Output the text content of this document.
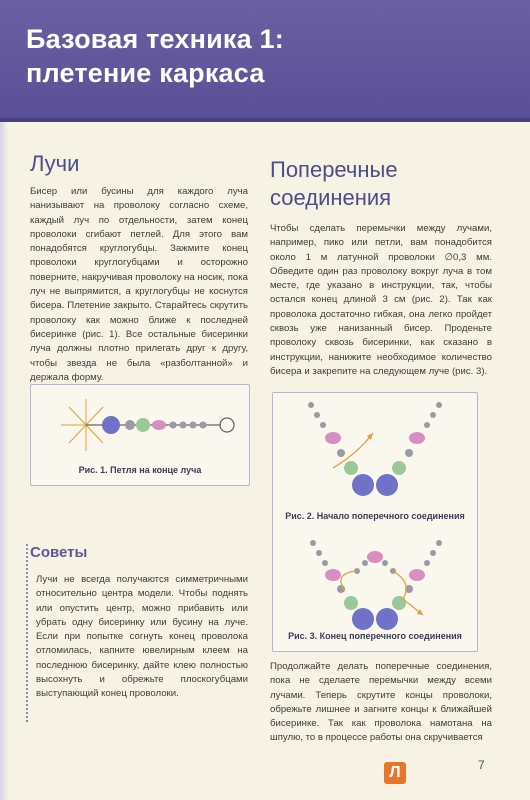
Базовая техника 1:
плетение каркаса
Лучи
Бисер или бусины для каждого луча нанизывают на проволоку согласно схеме, каждый луч по отдельности, затем конец проволоки сгибают петлей. Для этого вам понадобятся круглогубцы. Зажмите конец проволоки круглогубцами и осторожно поверните, накручивая проволоку на носик, пока луч не выпрямится, а круглогубцы не коснутся бисера. Плетение закрыто. Старайтесь скрутить проволоку как можно ближе к последней бисеринке (рис. 1). Все остальные бисеринки луча должны плотно прилегать друг к другу, чтобы звезда не была «разболтанной» и держала форму.
Рис. 1. Петля на конце луча
Советы
Лучи не всегда получаются симметричными относительно центра модели. Чтобы поднять или опустить центр, можно прибавить или убрать одну бисеринку или бусину на луче. Если при попытке согнуть конец проволока отломилась, капните ювелирным клеем на последнюю бисеринку, дайте клею полностью высохнуть и обрежьте плоскогубцами выступающий конец проволоки.
Поперечные
соединения
Чтобы сделать перемычки между лучами, например, пико или петли, вам понадобится около 1 м латунной проволоки ∅0,3 мм. Обведите один раз проволоку вокруг луча в том месте, где указано в инструкции, так, чтобы остался конец длиной 3 см (рис. 2). Так как проволока достаточно гибкая, она легко пройдет сквозь уже нанизанный бисер. Проденьте проволоку сквозь бисеринки, как сказано в инструкции, нанижите необходимое количество бисера и закрепите на следующем луче (рис. 3).
Рис. 2. Начало поперечного соединения
Рис. 3. Конец поперечного соединения
Продолжайте делать поперечные соединения, пока не сделаете перемычки между всеми лучами. Теперь скрутите концы проволоки, обрежьте лишнее и загните концы к ближайшей бисеринке. Так как проволока намотана на шпулю, то в процессе работы она скручивается
Л	7
